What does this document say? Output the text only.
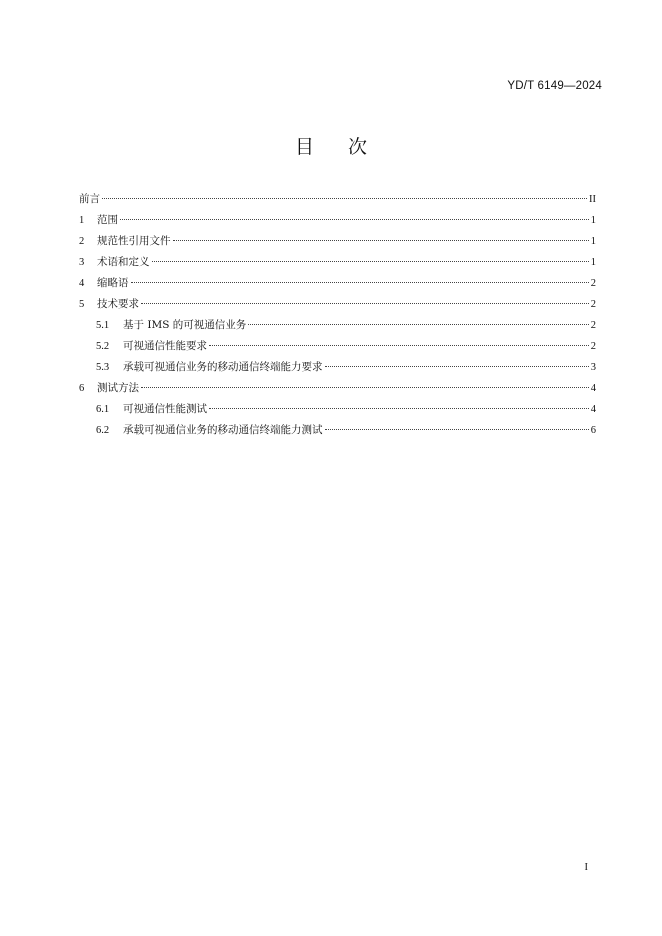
YD/T 6149—2024
目 次
前言	II
1	范围	1
2	规范性引用文件	1
3	术语和定义	1
4	缩略语	2
5	技术要求	2
5.1	基于 IMS 的可视通信业务	2
5.2	可视通信性能要求	2
5.3	承载可视通信业务的移动通信终端能力要求	3
6	测试方法	4
6.1	可视通信性能测试	4
6.2	承载可视通信业务的移动通信终端能力测试	6
I
